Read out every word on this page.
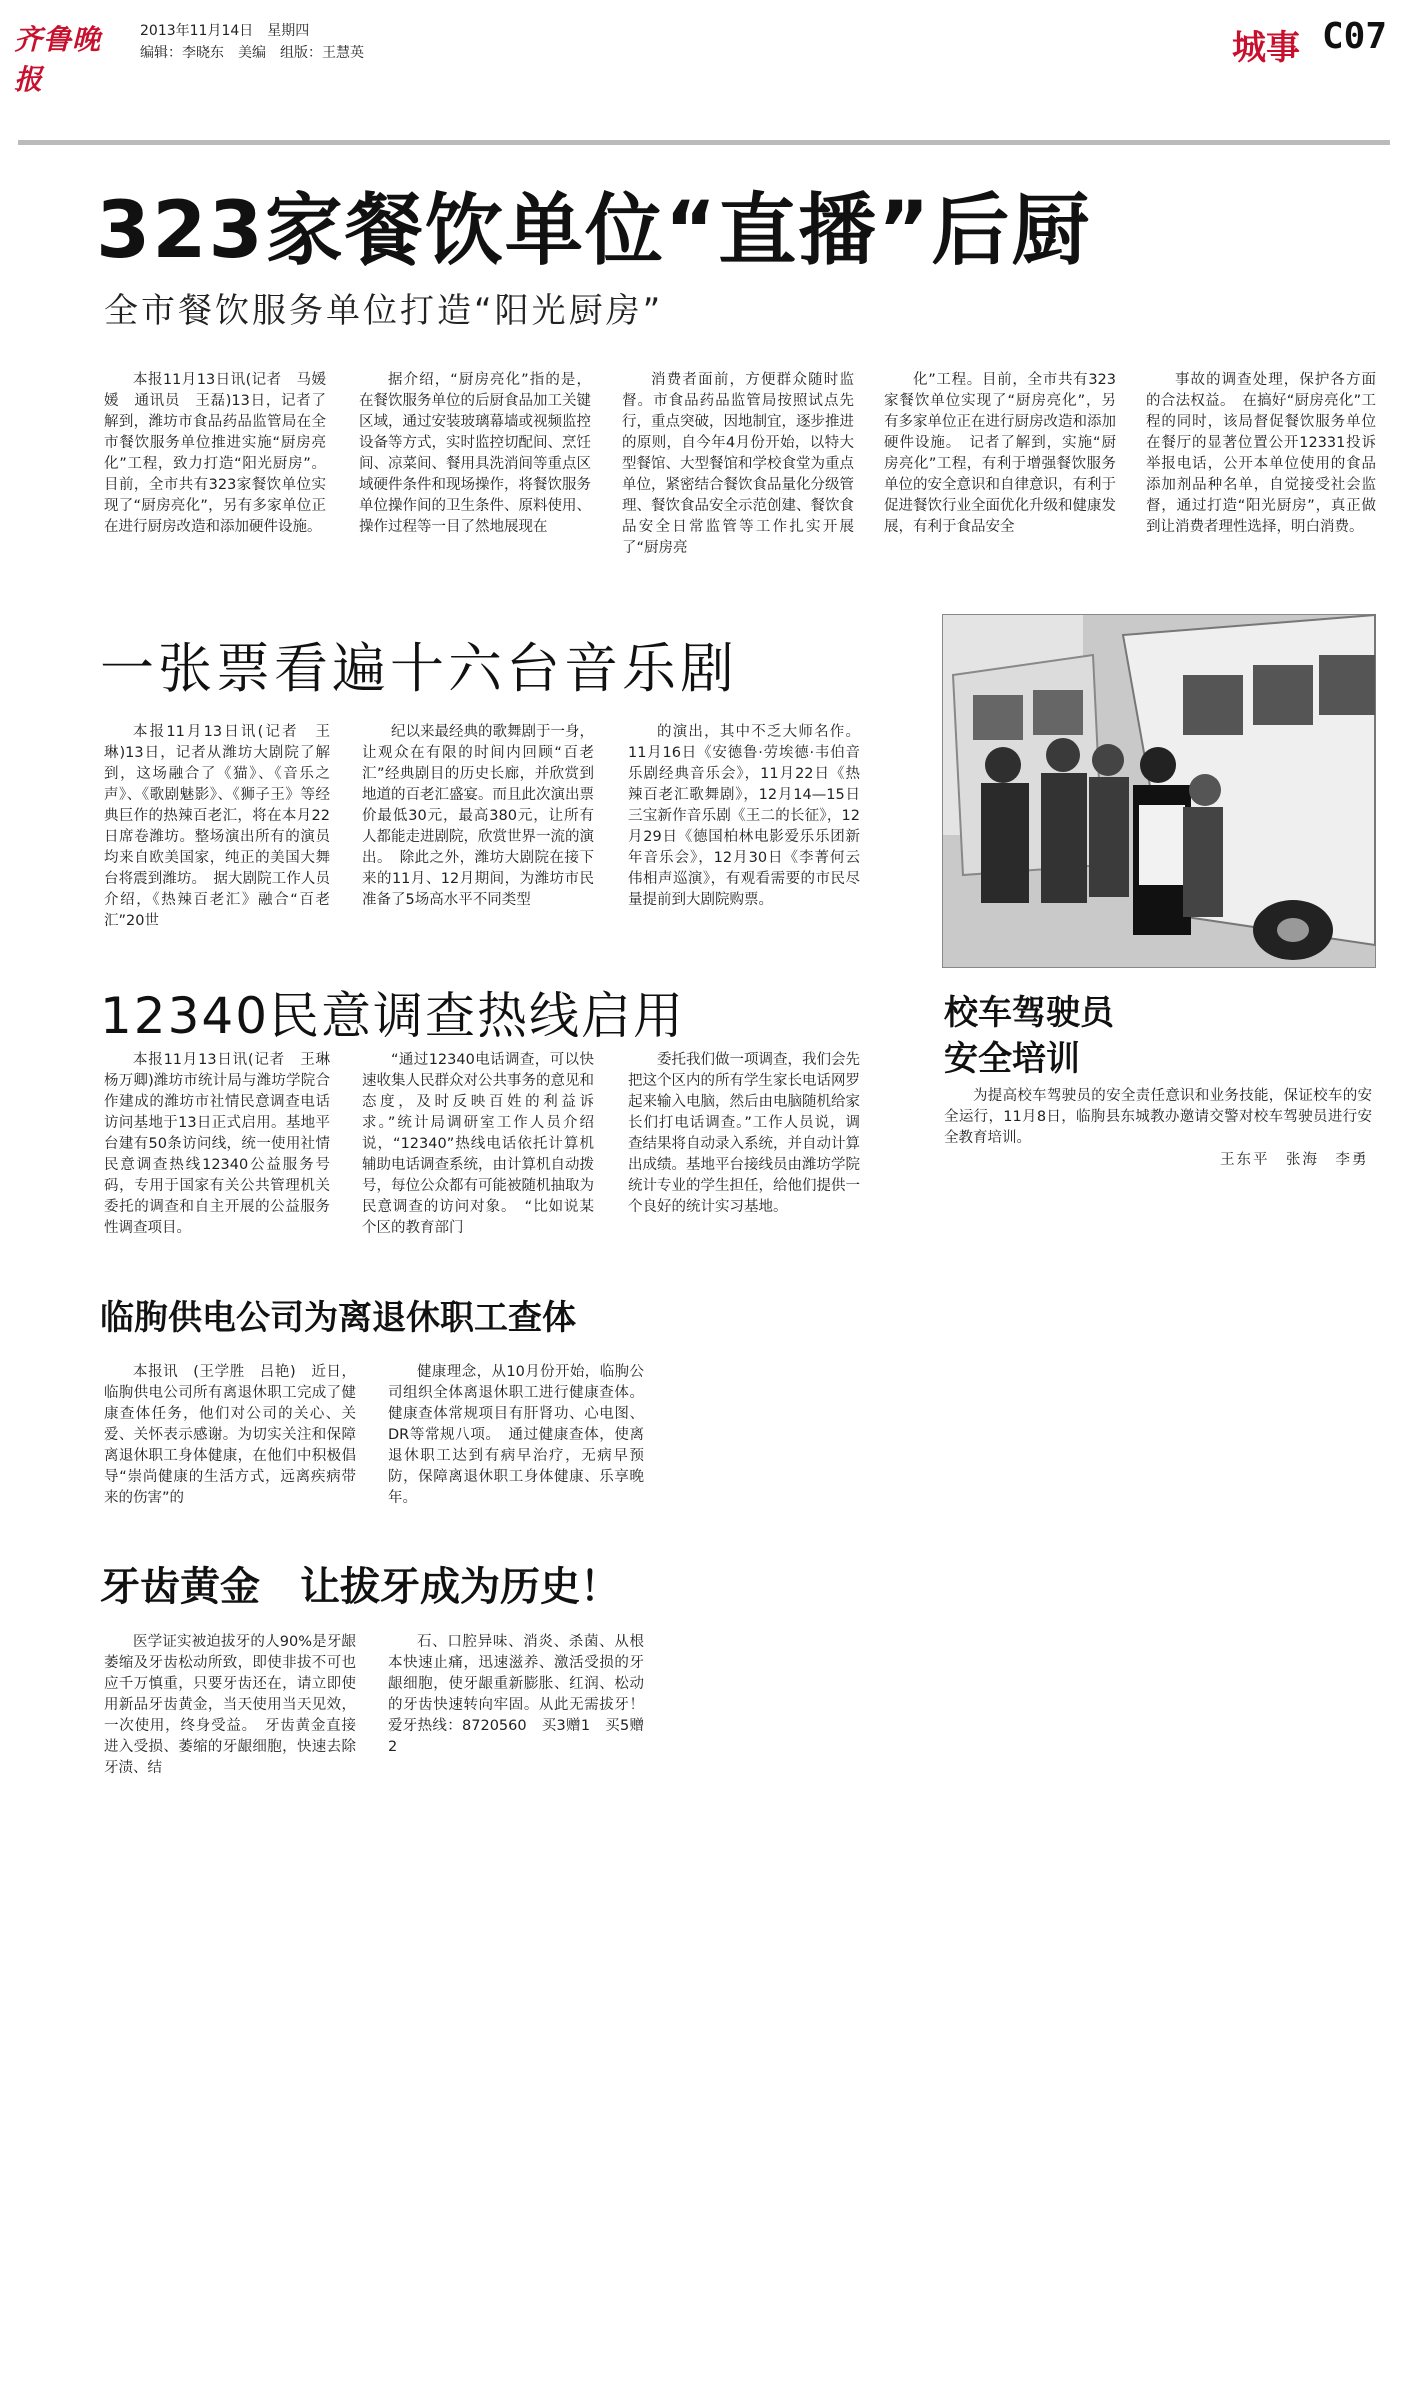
齐鲁晚报
2013年11月14日　星期四
编辑：李晓东　美编　组版：王慧英	城事 C07
323家餐饮单位“直播”后厨
全市餐饮服务单位打造“阳光厨房”

本报11月13日讯(记者　马媛媛　通讯员　王磊)13日，记者了解到，潍坊市食品药品监管局在全市餐饮服务单位推进实施“厨房亮化”工程，致力打造“阳光厨房”。目前，全市共有323家餐饮单位实现了“厨房亮化”，另有多家单位正在进行厨房改造和添加硬件设施。

据介绍，“厨房亮化”指的是，在餐饮服务单位的后厨食品加工关键区域，通过安装玻璃幕墙或视频监控设备等方式，实时监控切配间、烹饪间、凉菜间、餐用具洗消间等重点区域硬件条件和现场操作，将餐饮服务单位操作间的卫生条件、原料使用、操作过程等一目了然地展现在

消费者面前，方便群众随时监督。市食品药品监管局按照试点先行，重点突破，因地制宜，逐步推进的原则，自今年4月份开始，以特大型餐馆、大型餐馆和学校食堂为重点单位，紧密结合餐饮食品量化分级管理、餐饮食品安全示范创建、餐饮食品安全日常监管等工作扎实开展了“厨房亮

化”工程。目前，全市共有323家餐饮单位实现了“厨房亮化”，另有多家单位正在进行厨房改造和添加硬件设施。　记者了解到，实施“厨房亮化”工程，有利于增强餐饮服务单位的安全意识和自律意识，有利于促进餐饮行业全面优化升级和健康发展，有利于食品安全

事故的调查处理，保护各方面的合法权益。　在搞好“厨房亮化”工程的同时，该局督促餐饮服务单位在餐厅的显著位置公开12331投诉举报电话，公开本单位使用的食品添加剂品种名单，自觉接受社会监督，通过打造“阳光厨房”，真正做到让消费者理性选择，明白消费。

一张票看遍十六台音乐剧

本报11月13日讯(记者　王琳)13日，记者从潍坊大剧院了解到，这场融合了《猫》、《音乐之声》、《歌剧魅影》、《狮子王》等经典巨作的热辣百老汇，将在本月22日席卷潍坊。整场演出所有的演员均来自欧美国家，纯正的美国大舞台将震到潍坊。　据大剧院工作人员介绍，《热辣百老汇》融合“百老汇”20世

纪以来最经典的歌舞剧于一身，让观众在有限的时间内回顾“百老汇”经典剧目的历史长廊，并欣赏到地道的百老汇盛宴。而且此次演出票价最低30元，最高380元，让所有人都能走进剧院，欣赏世界一流的演出。　除此之外，潍坊大剧院在接下来的11月、12月期间，为潍坊市民准备了5场高水平不同类型

的演出，其中不乏大师名作。11月16日《安德鲁·劳埃德·韦伯音乐剧经典音乐会》，11月22日《热辣百老汇歌舞剧》，12月14—15日三宝新作音乐剧《王二的长征》，12月29日《德国柏林电影爱乐乐团新年音乐会》，12月30日《李菁何云伟相声巡演》，有观看需要的市民尽量提前到大剧院购票。

校车驾驶员
安全培训

为提高校车驾驶员的安全责任意识和业务技能，保证校车的安全运行，11月8日，临朐县东城教办邀请交警对校车驾驶员进行安全教育培训。

王东平　张海　李勇
12340民意调查热线启用

本报11月13日讯(记者　王琳　杨万卿)潍坊市统计局与潍坊学院合作建成的潍坊市社情民意调查电话访问基地于13日正式启用。基地平台建有50条访问线，统一使用社情民意调查热线12340公益服务号码，专用于国家有关公共管理机关委托的调查和自主开展的公益服务性调查项目。

“通过12340电话调查，可以快速收集人民群众对公共事务的意见和态度，及时反映百姓的利益诉求。”统计局调研室工作人员介绍说，“12340”热线电话依托计算机辅助电话调查系统，由计算机自动拨号，每位公众都有可能被随机抽取为民意调查的访问对象。　“比如说某个区的教育部门

委托我们做一项调查，我们会先把这个区内的所有学生家长电话网罗起来输入电脑，然后由电脑随机给家长们打电话调查。”工作人员说，调查结果将自动录入系统，并自动计算出成绩。基地平台接线员由潍坊学院统计专业的学生担任，给他们提供一个良好的统计实习基地。

临朐供电公司为离退休职工查体

本报讯　(王学胜　吕艳)　近日，临朐供电公司所有离退休职工完成了健康查体任务，他们对公司的关心、关爱、关怀表示感谢。为切实关注和保障离退休职工身体健康，在他们中积极倡导“崇尚健康的生活方式，远离疾病带来的伤害”的

健康理念，从10月份开始，临朐公司组织全体离退休职工进行健康查体。健康查体常规项目有肝肾功、心电图、DR等常规八项。　通过健康查体，使离退休职工达到有病早治疗，无病早预防，保障离退休职工身体健康、乐享晚年。

牙齿黄金　让拔牙成为历史！

医学证实被迫拔牙的人90%是牙龈萎缩及牙齿松动所致，即使非拔不可也应千万慎重，只要牙齿还在，请立即使用新品牙齿黄金，当天使用当天见效，一次使用，终身受益。　牙齿黄金直接进入受损、萎缩的牙龈细胞，快速去除牙渍、结

石、口腔异味、消炎、杀菌、从根本快速止痛，迅速滋养、激活受损的牙龈细胞，使牙龈重新膨胀、红润、松动的牙齿快速转向牢固。从此无需拔牙！　爱牙热线：8720560　买3赠1　买5赠2
